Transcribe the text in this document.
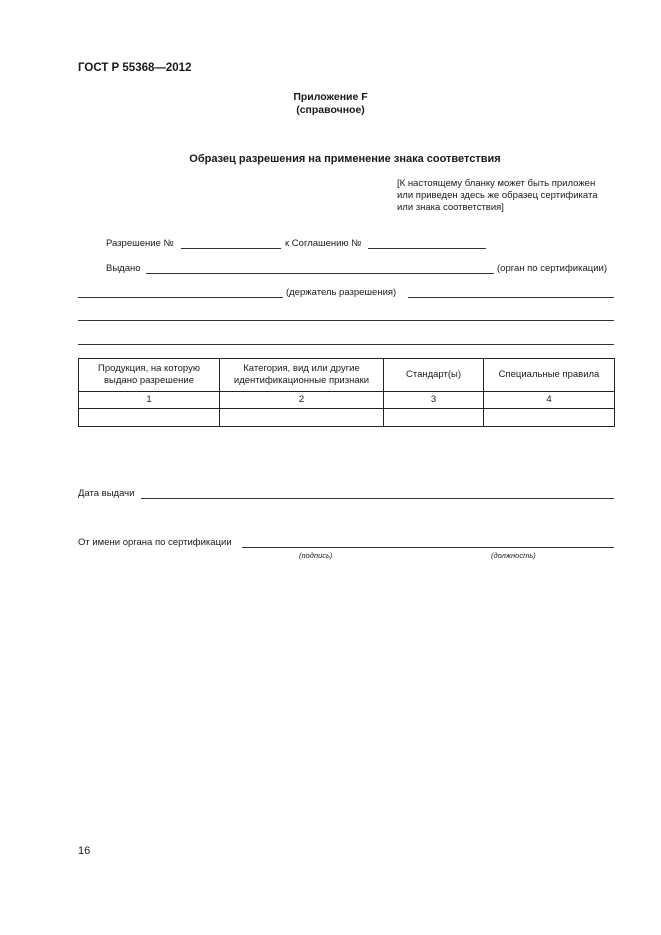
ГОСТ Р 55368—2012
Приложение F
(справочное)
Образец разрешения на применение знака соответствия
[К настоящему бланку может быть приложен
или приведен здесь же образец сертификата
или знака соответствия]
Разрешение №	к Соглашению №
Выдано	(орган по сертификации)
(держатель разрешения)
Продукция, на которую выдано разрешение	Категория, вид или другие идентификационные признаки	Стандарт(ы)	Специальные правила
1	2	3	4

Дата выдачи
От имени органа по сертификации
(подпись)	(должность)
16
